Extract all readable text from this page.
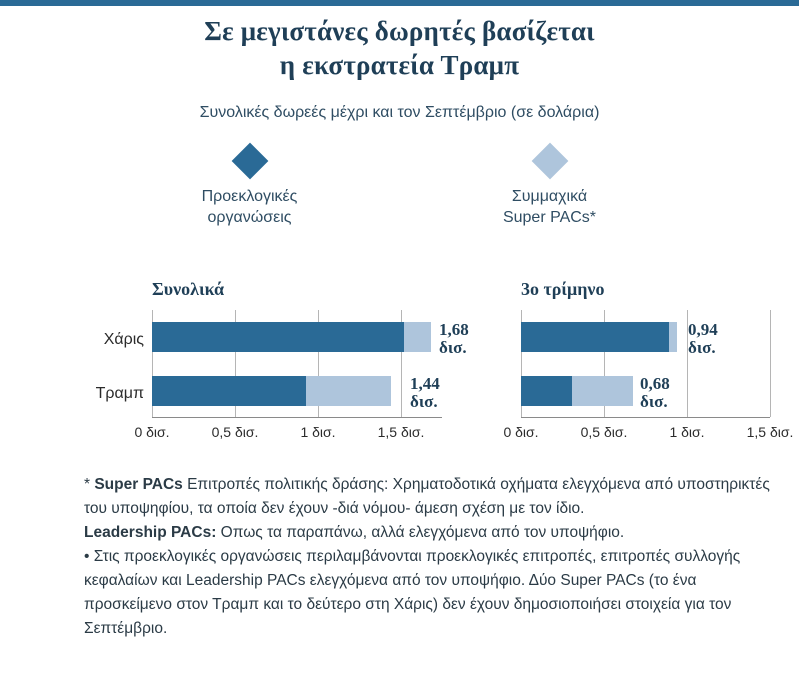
Σε μεγιστάνες δωρητές βασίζεται
η εκστρατεία Τραμπ
Συνολικές δωρεές μέχρι και τον Σεπτέμβριο (σε δολάρια)
Προεκλογικές
οργανώσεις
Συμμαχικά
Super PACs*
Συνολικά
Χάρις
1,68
δισ.
Τραμπ
1,44
δισ.
0 δισ.	0,5 δισ.	1 δισ.	1,5 δισ.
3ο τρίμηνο
0,94
δισ.
0,68
δισ.
0 δισ.	0,5 δισ.	1 δισ.	1,5 δισ.

* Super PACs Επιτροπές πολιτικής δράσης: Χρηματοδοτικά οχήματα ελεγχόμενα από υποστηρικτές του υποψηφίου, τα οποία δεν έχουν -διά νόμου- άμεση σχέση με τον ίδιο.

Leadership PACs: Οπως τα παραπάνω, αλλά ελεγχόμενα από τον υποψήφιο.

• Στις προεκλογικές οργανώσεις περιλαμβάνονται προεκλογικές επιτροπές, επιτροπές συλλογής κεφαλαίων και Leadership PACs ελεγχόμενα από τον υποψήφιο. Δύο Super PACs (το ένα προσκείμενο στον Τραμπ και το δεύτερο στη Χάρις) δεν έχουν δημοσιοποιήσει στοιχεία για τον Σεπτέμβριο.
